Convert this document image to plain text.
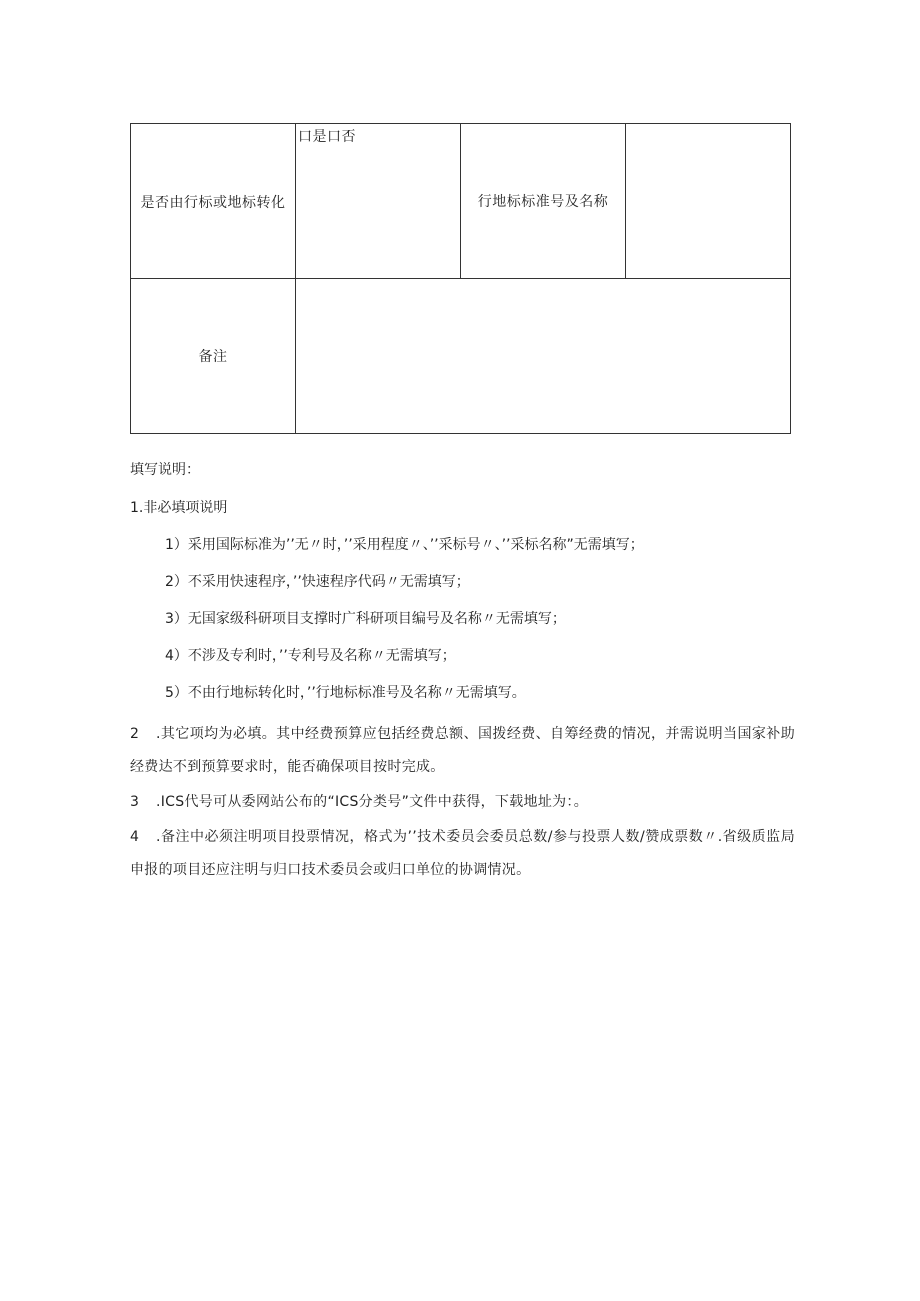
是否由行标或地标转化	口是口否	行地标标准号及名称	
备注			

填写说明：

1.非必填项说明

1）采用国际标准为’’无〃时，’’采用程度〃、’’采标号〃、’’采标名称”无需填写；

2）不采用快速程序，’’快速程序代码〃无需填写；

3）无国家级科研项目支撑时广科研项目编号及名称〃无需填写；

4）不涉及专利时，’’专利号及名称〃无需填写；

5）不由行地标转化时，’’行地标标准号及名称〃无需填写。

2 .其它项均为必填。其中经费预算应包括经费总额、国拨经费、自筹经费的情况，并需说明当国家补助经费达不到预算要求时，能否确保项目按时完成。

3 .ICS代号可从委网站公布的“ICS分类号”文件中获得，下载地址为：。

4 .备注中必须注明项目投票情况，格式为’’技术委员会委员总数/参与投票人数/赞成票数〃.省级质监局申报的项目还应注明与归口技术委员会或归口单位的协调情况。
